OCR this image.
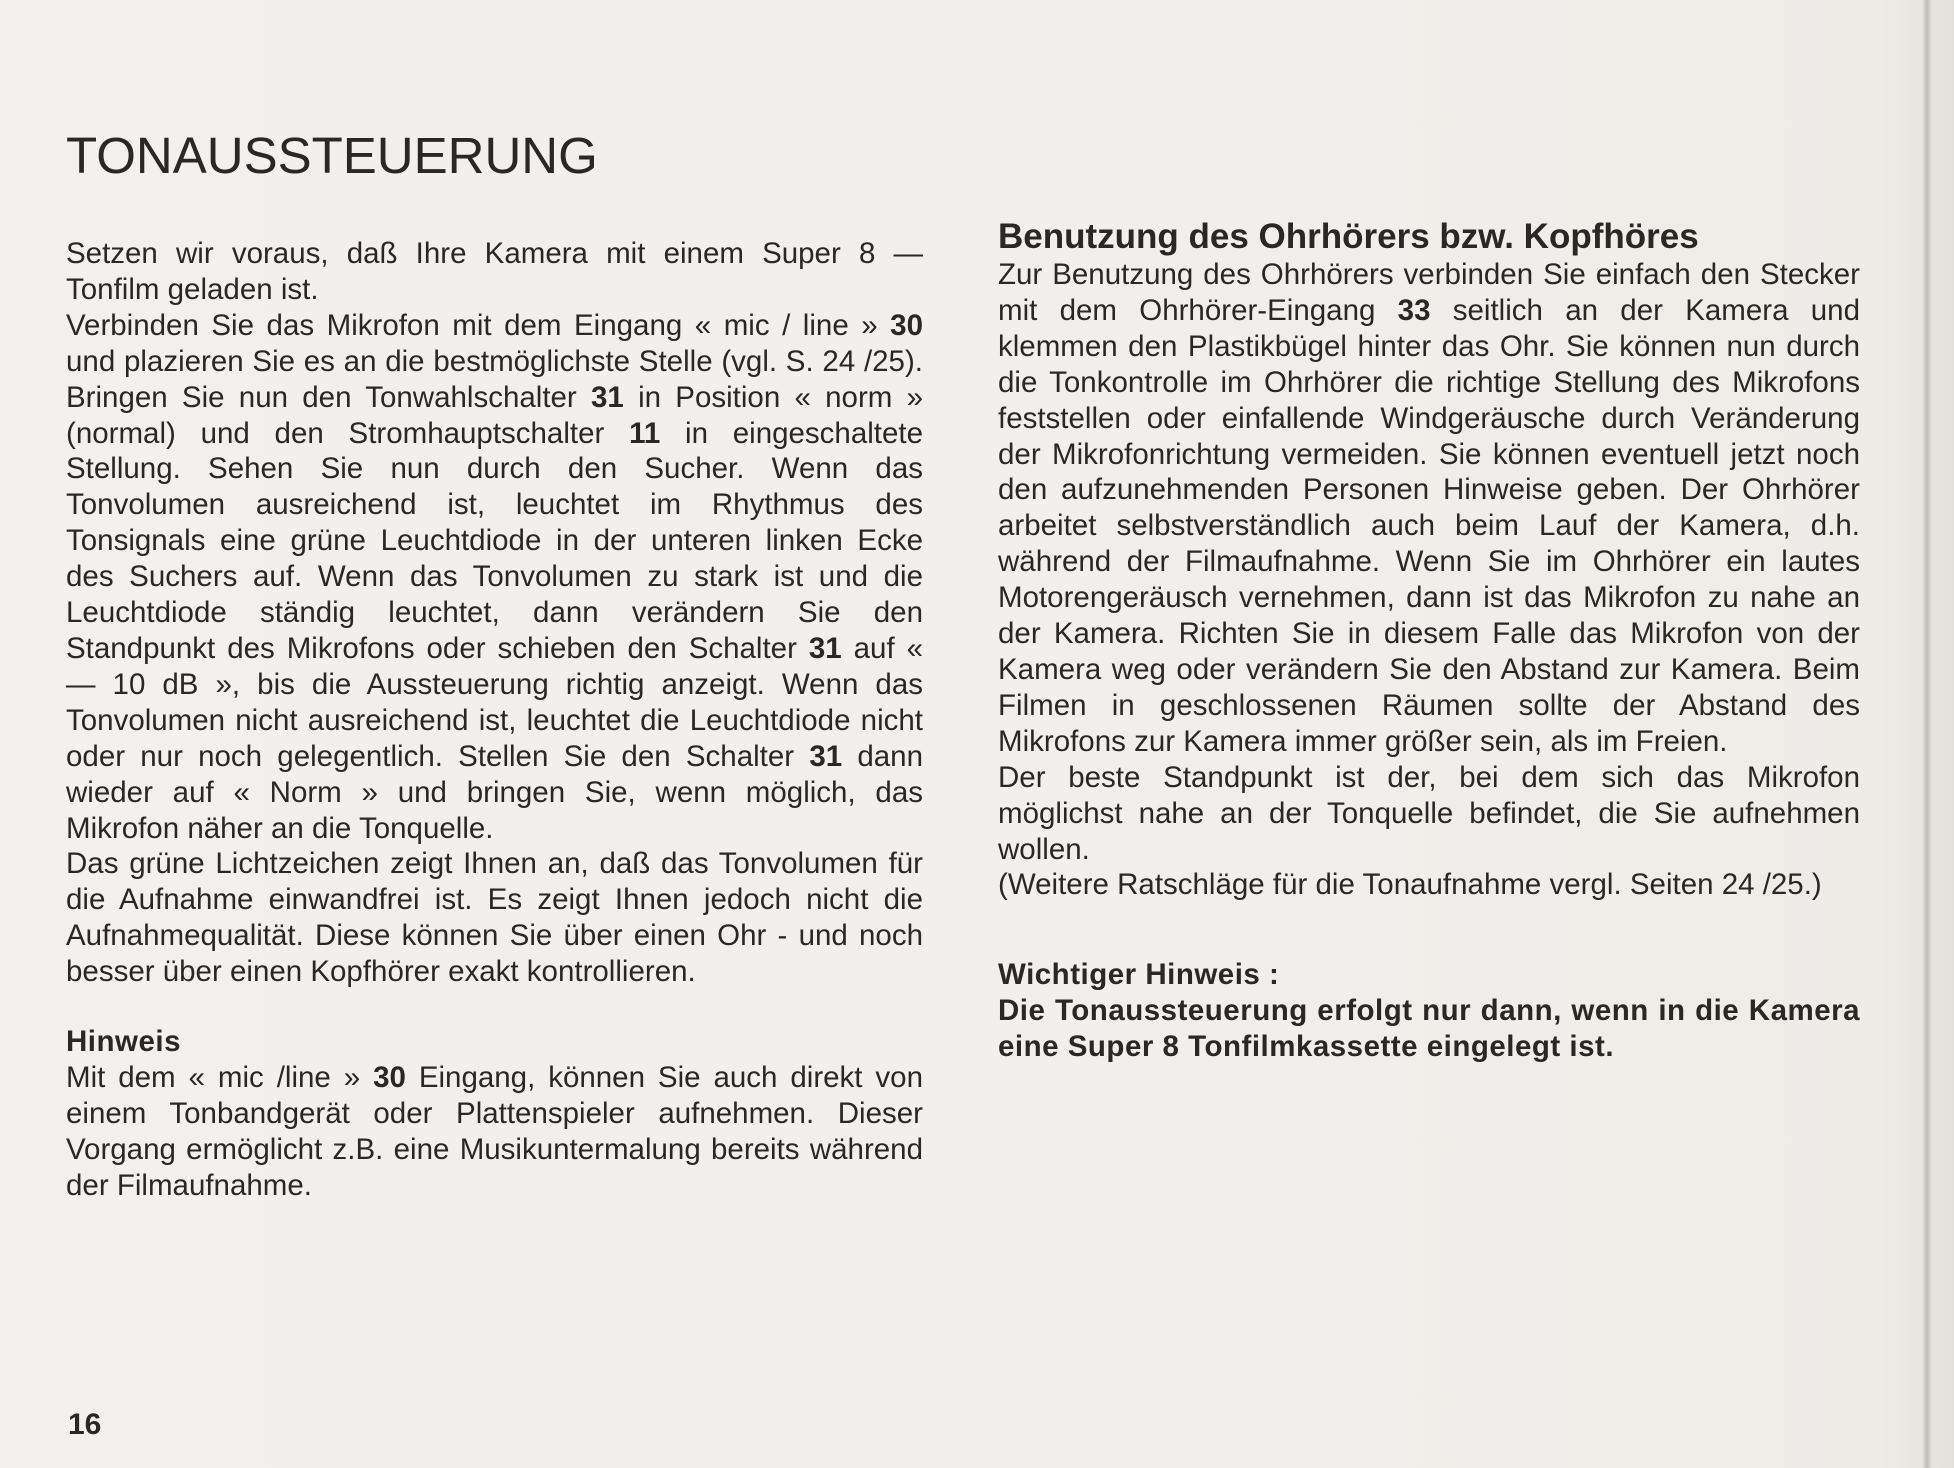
TONAUSSTEUERUNG

Setzen wir voraus, daß Ihre Kamera mit einem Super 8 — Tonfilm geladen ist.

Verbinden Sie das Mikrofon mit dem Eingang « mic / line » 30 und plazieren Sie es an die bestmöglichste Stelle (vgl. S. 24 /25). Bringen Sie nun den Tonwahlschalter 31 in Position « norm » (normal) und den Stromhauptschalter 11 in eingeschaltete Stellung. Sehen Sie nun durch den Sucher. Wenn das Tonvolumen ausreichend ist, leuchtet im Rhythmus des Tonsignals eine grüne Leuchtdiode in der unteren linken Ecke des Suchers auf. Wenn das Tonvolumen zu stark ist und die Leuchtdiode ständig leuchtet, dann verändern Sie den Standpunkt des Mikrofons oder schieben den Schalter 31 auf « — 10 dB », bis die Aussteuerung richtig anzeigt. Wenn das Tonvolumen nicht ausreichend ist, leuchtet die Leuchtdiode nicht oder nur noch gelegentlich. Stellen Sie den Schalter 31 dann wieder auf « Norm » und bringen Sie, wenn möglich, das Mikrofon näher an die Tonquelle.

Das grüne Lichtzeichen zeigt Ihnen an, daß das Tonvolumen für die Aufnahme einwandfrei ist. Es zeigt Ihnen jedoch nicht die Aufnahmequalität. Diese können Sie über einen Ohr - und noch besser über einen Kopfhörer exakt kontrollieren.

Hinweis

Mit dem « mic /line » 30 Eingang, können Sie auch direkt von einem Tonbandgerät oder Plattenspieler aufnehmen. Dieser Vorgang ermöglicht z.B. eine Musikuntermalung bereits während der Filmaufnahme.

Benutzung des Ohrhörers bzw. Kopfhöres

Zur Benutzung des Ohrhörers verbinden Sie einfach den Stecker mit dem Ohrhörer-Eingang 33 seitlich an der Kamera und klemmen den Plastikbügel hinter das Ohr. Sie können nun durch die Tonkontrolle im Ohrhörer die richtige Stellung des Mikrofons feststellen oder einfallende Windgeräusche durch Veränderung der Mikrofonrichtung vermeiden. Sie können eventuell jetzt noch den aufzunehmenden Personen Hinweise geben. Der Ohrhörer arbeitet selbstverständlich auch beim Lauf der Kamera, d.h. während der Filmaufnahme. Wenn Sie im Ohrhörer ein lautes Motorengeräusch vernehmen, dann ist das Mikrofon zu nahe an der Kamera. Richten Sie in diesem Falle das Mikrofon von der Kamera weg oder verändern Sie den Abstand zur Kamera. Beim Filmen in geschlossenen Räumen sollte der Abstand des Mikrofons zur Kamera immer größer sein, als im Freien.

Der beste Standpunkt ist der, bei dem sich das Mikrofon möglichst nahe an der Tonquelle befindet, die Sie aufnehmen wollen.

(Weitere Ratschläge für die Tonaufnahme vergl. Seiten 24 /25.)

Wichtiger Hinweis :

Die Tonaussteuerung erfolgt nur dann, wenn in die Kamera eine Super 8 Tonfilmkassette eingelegt ist.

16
